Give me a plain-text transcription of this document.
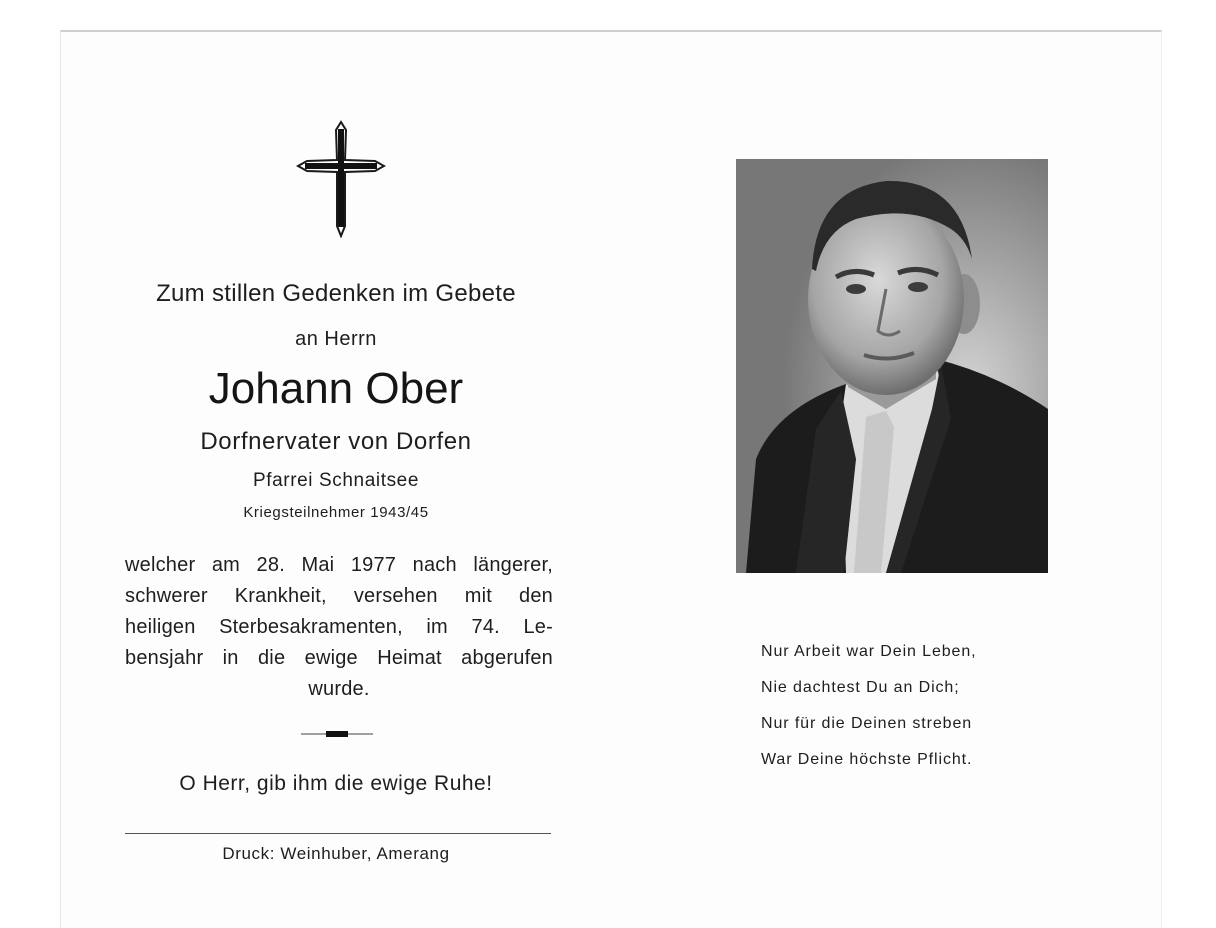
Zum stillen Gedenken im Gebete
an Herrn
Johann Ober
Dorfnervater von Dorfen
Pfarrei Schnaitsee
Kriegsteilnehmer 1943/45
welcher am 28. Mai 1977 nach längerer,
schwerer Krankheit, versehen mit den
heiligen Sterbesakramenten, im 74. Le-
bensjahr in die ewige Heimat abgerufen
wurde.
O Herr, gib ihm die ewige Ruhe!
Druck: Weinhuber, Amerang
Nur Arbeit war Dein Leben,
Nie dachtest Du an Dich;
Nur für die Deinen streben
War Deine höchste Pflicht.
